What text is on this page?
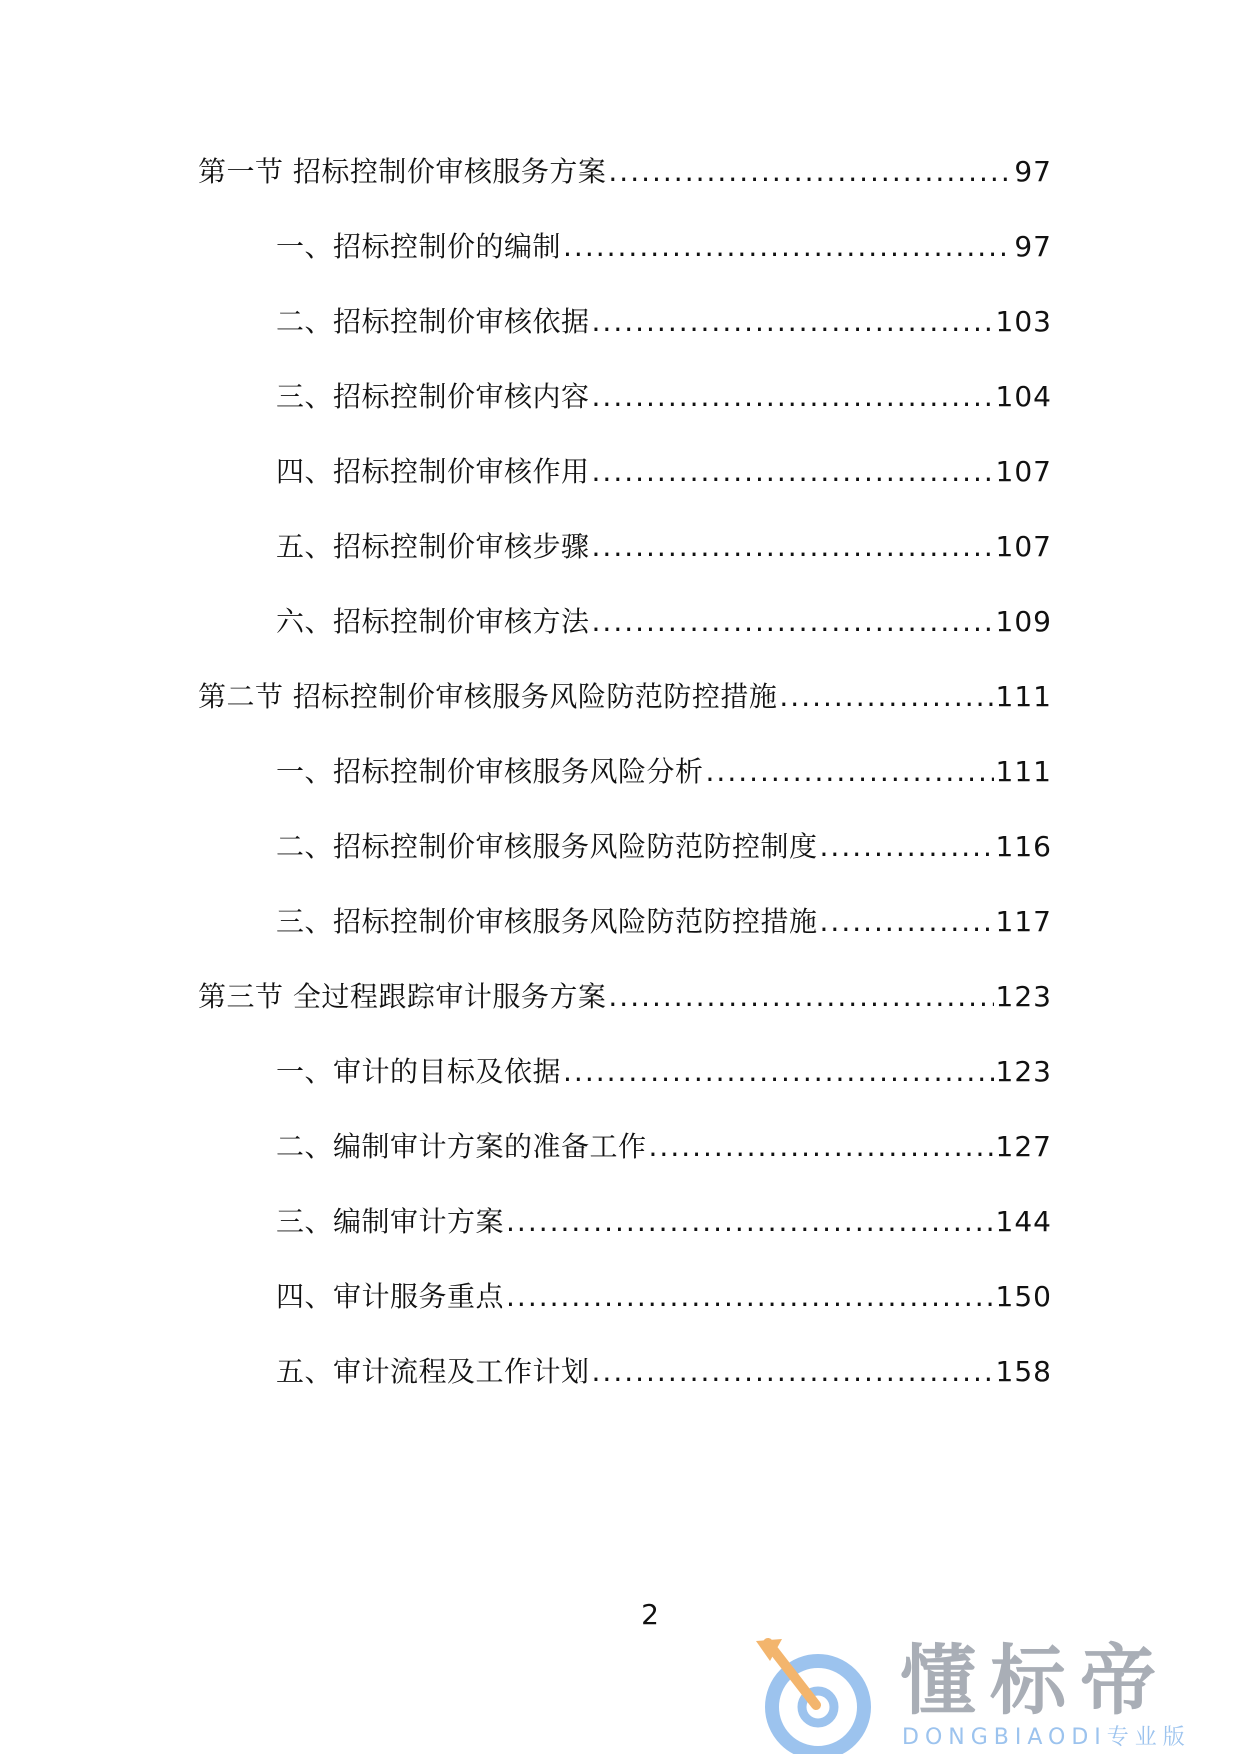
第一节 招标控制价审核服务方案 .....	97
一、招标控制价的编制 .....	97
二、招标控制价审核依据 .....	103
三、招标控制价审核内容 .....	104
四、招标控制价审核作用 .....	107
五、招标控制价审核步骤 .....	107
六、招标控制价审核方法 .....	109
第二节 招标控制价审核服务风险防范防控措施 .....	111
一、招标控制价审核服务风险分析 .....	111
二、招标控制价审核服务风险防范防控制度 .....	116
三、招标控制价审核服务风险防范防控措施 .....	117
第三节 全过程跟踪审计服务方案 .....	123
一、审计的目标及依据 .....	123
二、编制审计方案的准备工作 .....	127
三、编制审计方案 .....	144
四、审计服务重点 .....	150
五、审计流程及工作计划 .....	158
2
懂标帝
DONGBIAODI专业版
